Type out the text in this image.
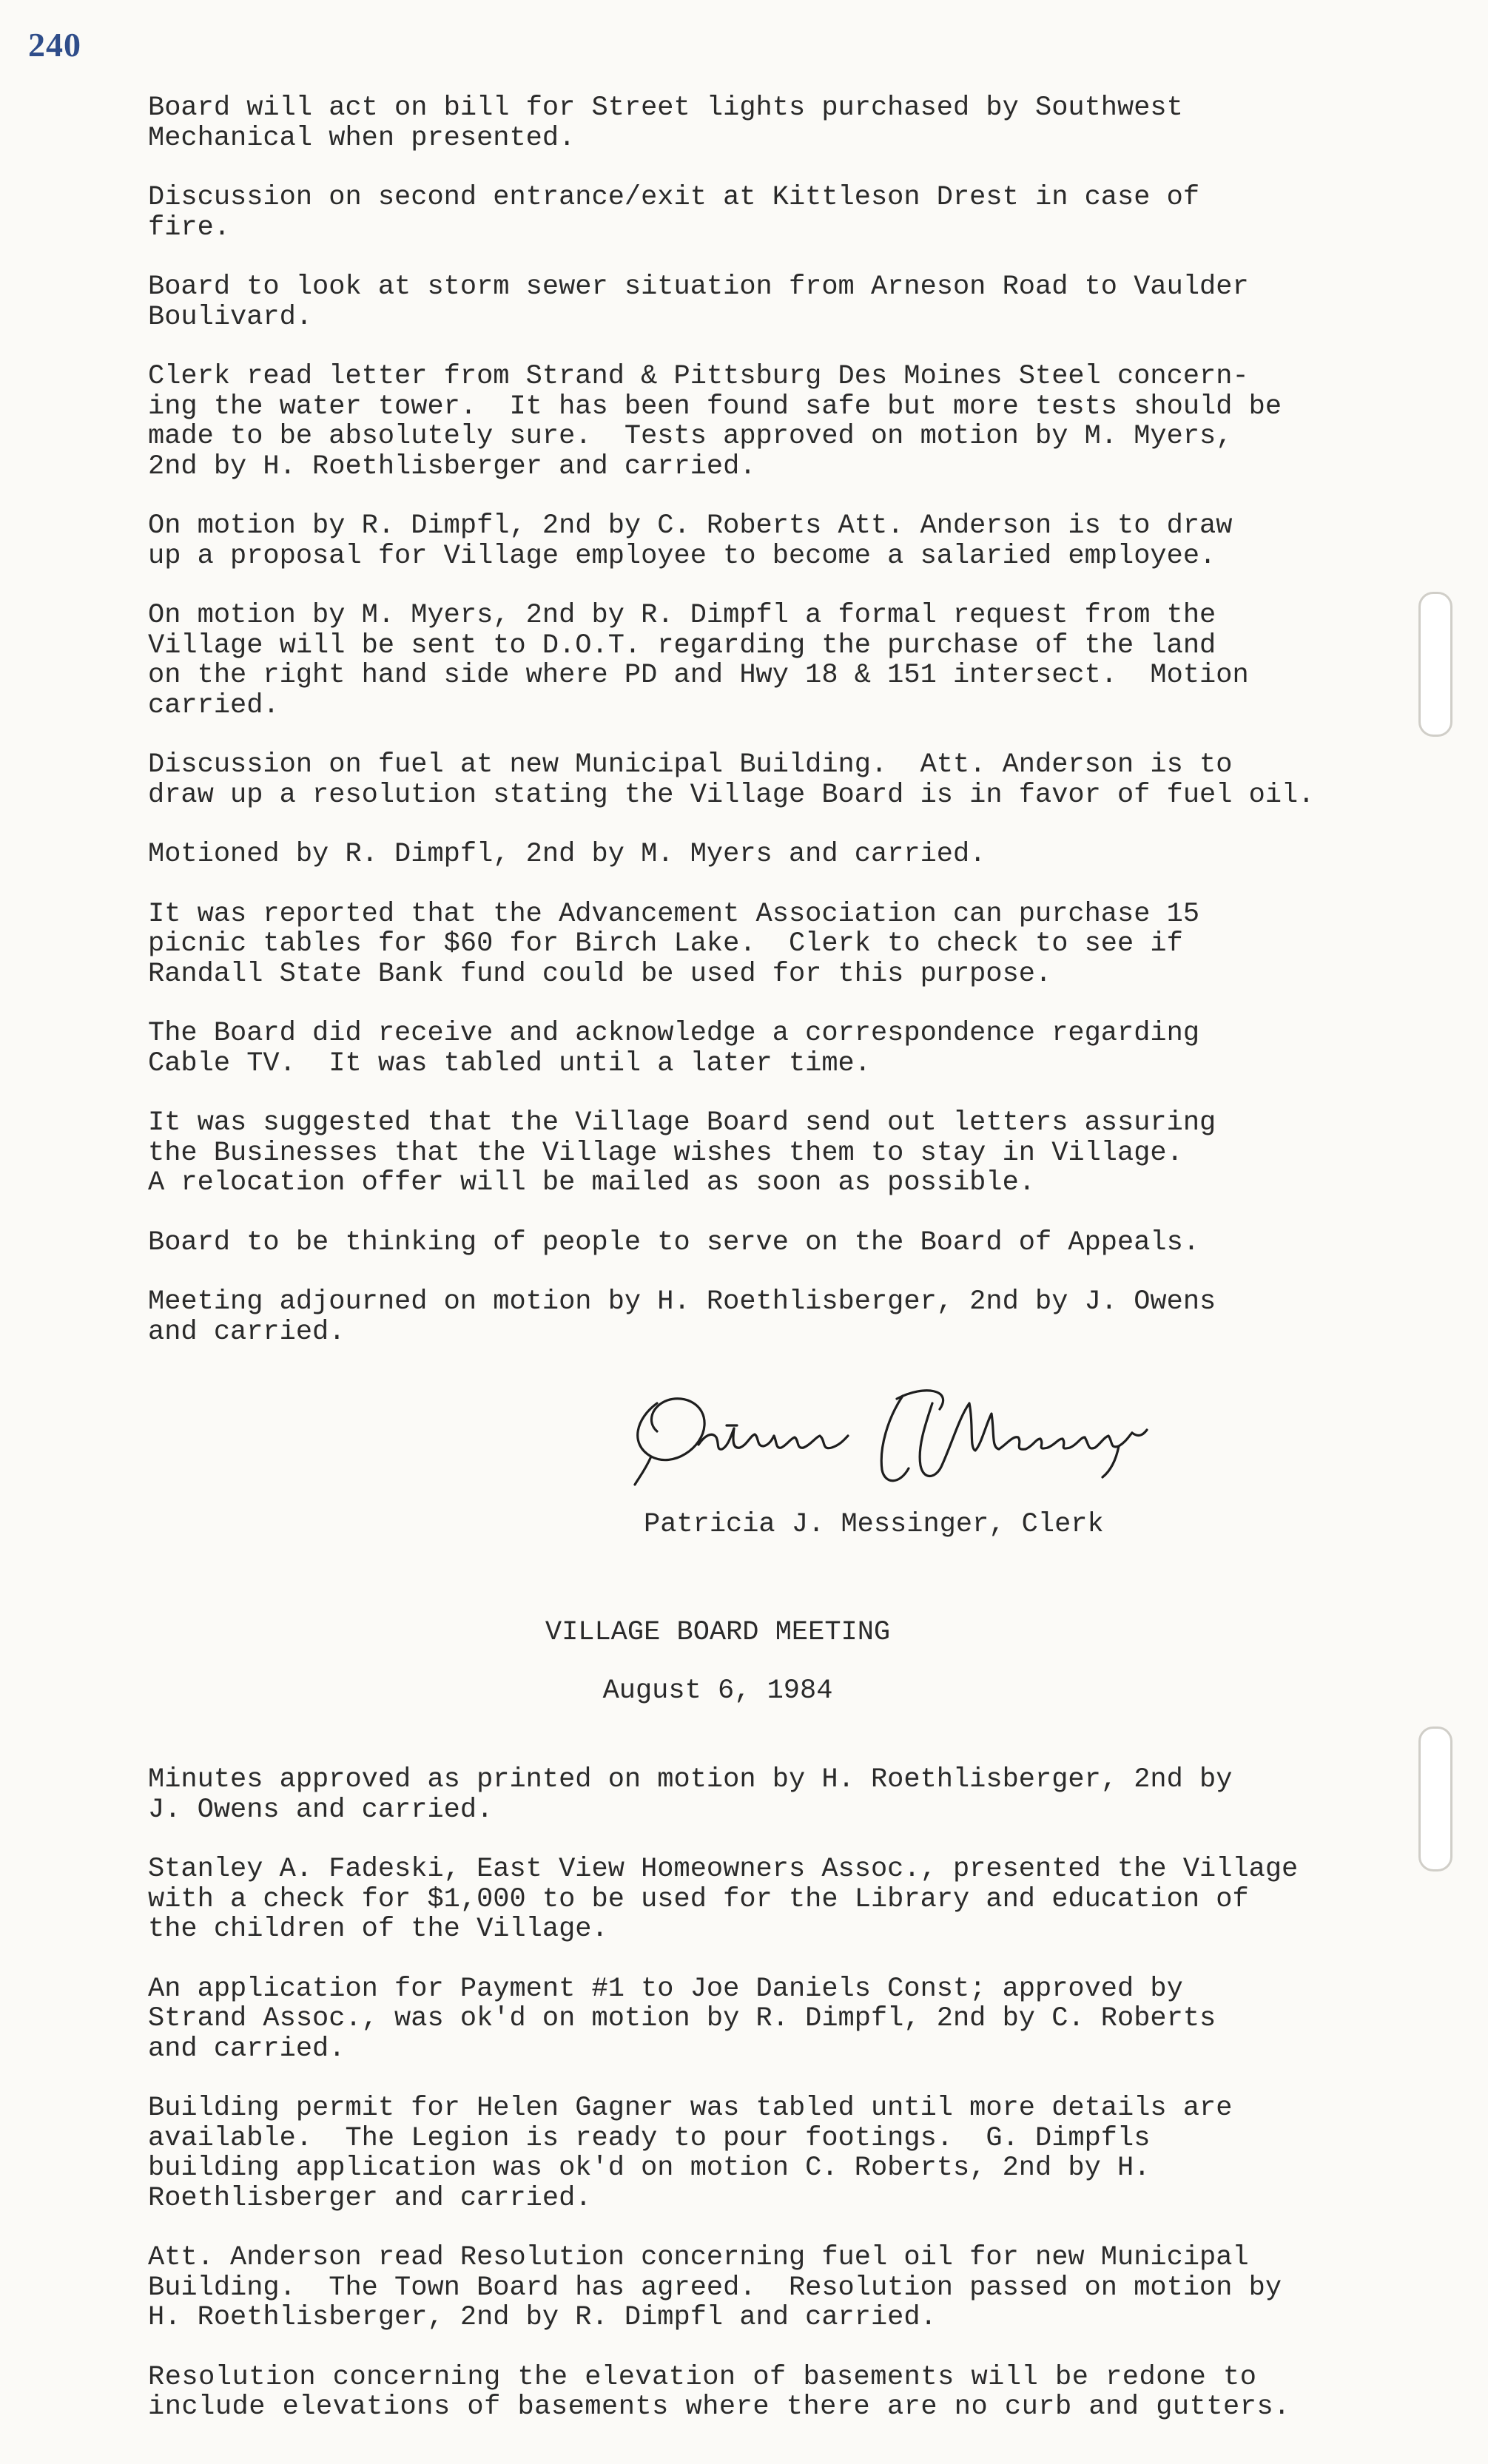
240

Board will act on bill for Street lights purchased by Southwest
Mechanical when presented.

Discussion on second entrance/exit at Kittleson Drest in case of
fire.

Board to look at storm sewer situation from Arneson Road to Vaulder
Boulivard.

Clerk read letter from Strand & Pittsburg Des Moines Steel concern-
ing the water tower.  It has been found safe but more tests should be
made to be absolutely sure.  Tests approved on motion by M. Myers,
2nd by H. Roethlisberger and carried.

On motion by R. Dimpfl, 2nd by C. Roberts Att. Anderson is to draw
up a proposal for Village employee to become a salaried employee.

On motion by M. Myers, 2nd by R. Dimpfl a formal request from the
Village will be sent to D.O.T. regarding the purchase of the land
on the right hand side where PD and Hwy 18 & 151 intersect.  Motion
carried.

Discussion on fuel at new Municipal Building.  Att. Anderson is to
draw up a resolution stating the Village Board is in favor of fuel oil.

Motioned by R. Dimpfl, 2nd by M. Myers and carried.

It was reported that the Advancement Association can purchase 15
picnic tables for $60 for Birch Lake.  Clerk to check to see if
Randall State Bank fund could be used for this purpose.

The Board did receive and acknowledge a correspondence regarding
Cable TV.  It was tabled until a later time.

It was suggested that the Village Board send out letters assuring
the Businesses that the Village wishes them to stay in Village.
A relocation offer will be mailed as soon as possible.

Board to be thinking of people to serve on the Board of Appeals.

Meeting adjourned on motion by H. Roethlisberger, 2nd by J. Owens
and carried.

Patricia J. Messinger, Clerk
VILLAGE BOARD MEETING
August 6, 1984

Minutes approved as printed on motion by H. Roethlisberger, 2nd by
J. Owens and carried.

Stanley A. Fadeski, East View Homeowners Assoc., presented the Village
with a check for $1,000 to be used for the Library and education of
the children of the Village.

An application for Payment #1 to Joe Daniels Const; approved by
Strand Assoc., was ok'd on motion by R. Dimpfl, 2nd by C. Roberts
and carried.

Building permit for Helen Gagner was tabled until more details are
available.  The Legion is ready to pour footings.  G. Dimpfls
building application was ok'd on motion C. Roberts, 2nd by H.
Roethlisberger and carried.

Att. Anderson read Resolution concerning fuel oil for new Municipal
Building.  The Town Board has agreed.  Resolution passed on motion by
H. Roethlisberger, 2nd by R. Dimpfl and carried.

Resolution concerning the elevation of basements will be redone to
include elevations of basements where there are no curb and gutters.
